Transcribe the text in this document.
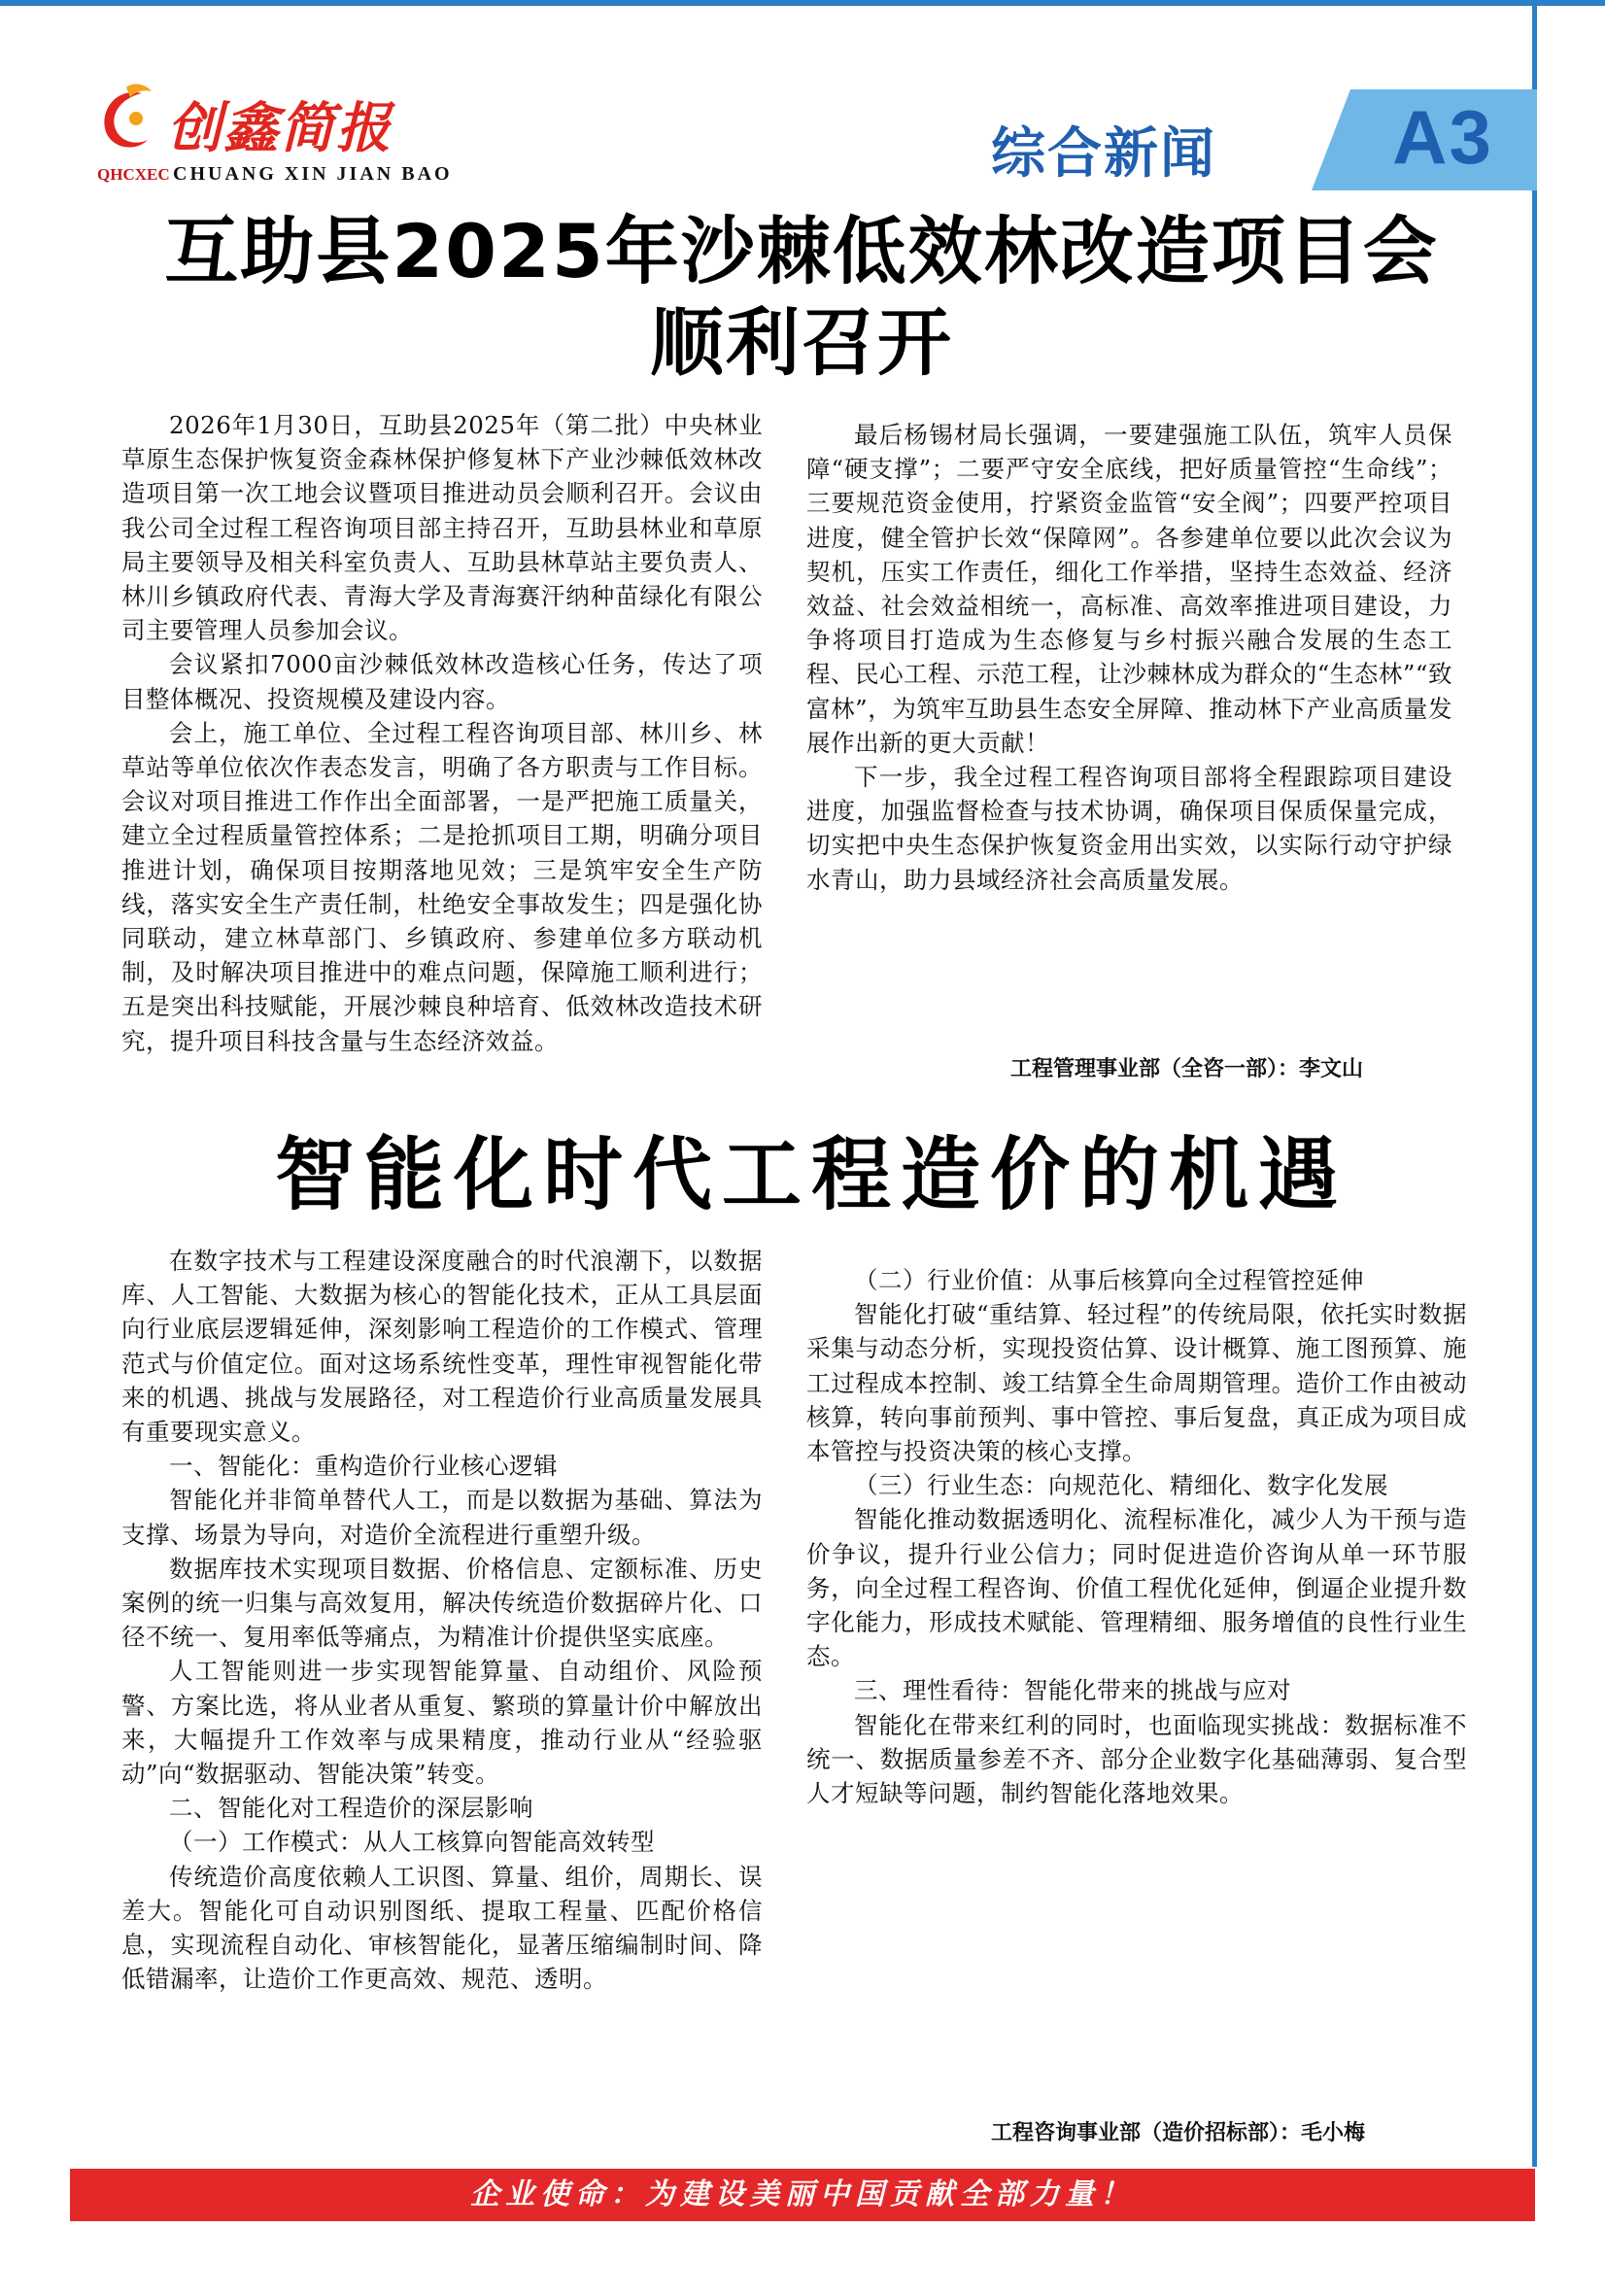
创鑫简报
QHCXEC CHUANG XIN JIAN BAO	综合新闻	A3
互助县2025年沙棘低效林改造项目会顺利召开

2026年1月30日，互助县2025年（第二批）中央林业草原生态保护恢复资金森林保护修复林下产业沙棘低效林改造项目第一次工地会议暨项目推进动员会顺利召开。会议由我公司全过程工程咨询项目部主持召开，互助县林业和草原局主要领导及相关科室负责人、互助县林草站主要负责人、林川乡镇政府代表、青海大学及青海赛汗纳种苗绿化有限公司主要管理人员参加会议。

会议紧扣7000亩沙棘低效林改造核心任务，传达了项目整体概况、投资规模及建设内容。

会上，施工单位、全过程工程咨询项目部、林川乡、林草站等单位依次作表态发言，明确了各方职责与工作目标。会议对项目推进工作作出全面部署，一是严把施工质量关，建立全过程质量管控体系；二是抢抓项目工期，明确分项目推进计划，确保项目按期落地见效；三是筑牢安全生产防线，落实安全生产责任制，杜绝安全事故发生；四是强化协同联动，建立林草部门、乡镇政府、参建单位多方联动机制，及时解决项目推进中的难点问题，保障施工顺利进行；五是突出科技赋能，开展沙棘良种培育、低效林改造技术研究，提升项目科技含量与生态经济效益。

最后杨锡材局长强调，一要建强施工队伍，筑牢人员保障“硬支撑”；二要严守安全底线，把好质量管控“生命线”；三要规范资金使用，拧紧资金监管“安全阀”；四要严控项目进度，健全管护长效“保障网”。各参建单位要以此次会议为契机，压实工作责任，细化工作举措，坚持生态效益、经济效益、社会效益相统一，高标准、高效率推进项目建设，力争将项目打造成为生态修复与乡村振兴融合发展的生态工程、民心工程、示范工程，让沙棘林成为群众的“生态林”“致富林”，为筑牢互助县生态安全屏障、推动林下产业高质量发展作出新的更大贡献！

下一步，我全过程工程咨询项目部将全程跟踪项目建设进度，加强监督检查与技术协调，确保项目保质保量完成，切实把中央生态保护恢复资金用出实效，以实际行动守护绿水青山，助力县域经济社会高质量发展。

工程管理事业部（全咨一部）：李文山
智能化时代工程造价的机遇

在数字技术与工程建设深度融合的时代浪潮下，以数据库、人工智能、大数据为核心的智能化技术，正从工具层面向行业底层逻辑延伸，深刻影响工程造价的工作模式、管理范式与价值定位。面对这场系统性变革，理性审视智能化带来的机遇、挑战与发展路径，对工程造价行业高质量发展具有重要现实意义。

一、智能化：重构造价行业核心逻辑

智能化并非简单替代人工，而是以数据为基础、算法为支撑、场景为导向，对造价全流程进行重塑升级。

数据库技术实现项目数据、价格信息、定额标准、历史案例的统一归集与高效复用，解决传统造价数据碎片化、口径不统一、复用率低等痛点，为精准计价提供坚实底座。

人工智能则进一步实现智能算量、自动组价、风险预警、方案比选，将从业者从重复、繁琐的算量计价中解放出来，大幅提升工作效率与成果精度，推动行业从“经验驱动”向“数据驱动、智能决策”转变。

二、智能化对工程造价的深层影响

（一）工作模式：从人工核算向智能高效转型

传统造价高度依赖人工识图、算量、组价，周期长、误差大。智能化可自动识别图纸、提取工程量、匹配价格信息，实现流程自动化、审核智能化，显著压缩编制时间、降低错漏率，让造价工作更高效、规范、透明。

（二）行业价值：从事后核算向全过程管控延伸

智能化打破“重结算、轻过程”的传统局限，依托实时数据采集与动态分析，实现投资估算、设计概算、施工图预算、施工过程成本控制、竣工结算全生命周期管理。造价工作由被动核算，转向事前预判、事中管控、事后复盘，真正成为项目成本管控与投资决策的核心支撑。

（三）行业生态：向规范化、精细化、数字化发展

智能化推动数据透明化、流程标准化，减少人为干预与造价争议，提升行业公信力；同时促进造价咨询从单一环节服务，向全过程工程咨询、价值工程优化延伸，倒逼企业提升数字化能力，形成技术赋能、管理精细、服务增值的良性行业生态。

三、理性看待：智能化带来的挑战与应对

智能化在带来红利的同时，也面临现实挑战：数据标准不统一、数据质量参差不齐、部分企业数字化基础薄弱、复合型人才短缺等问题，制约智能化落地效果。

工程咨询事业部（造价招标部）：毛小梅
企业使命：为建设美丽中国贡献全部力量！
